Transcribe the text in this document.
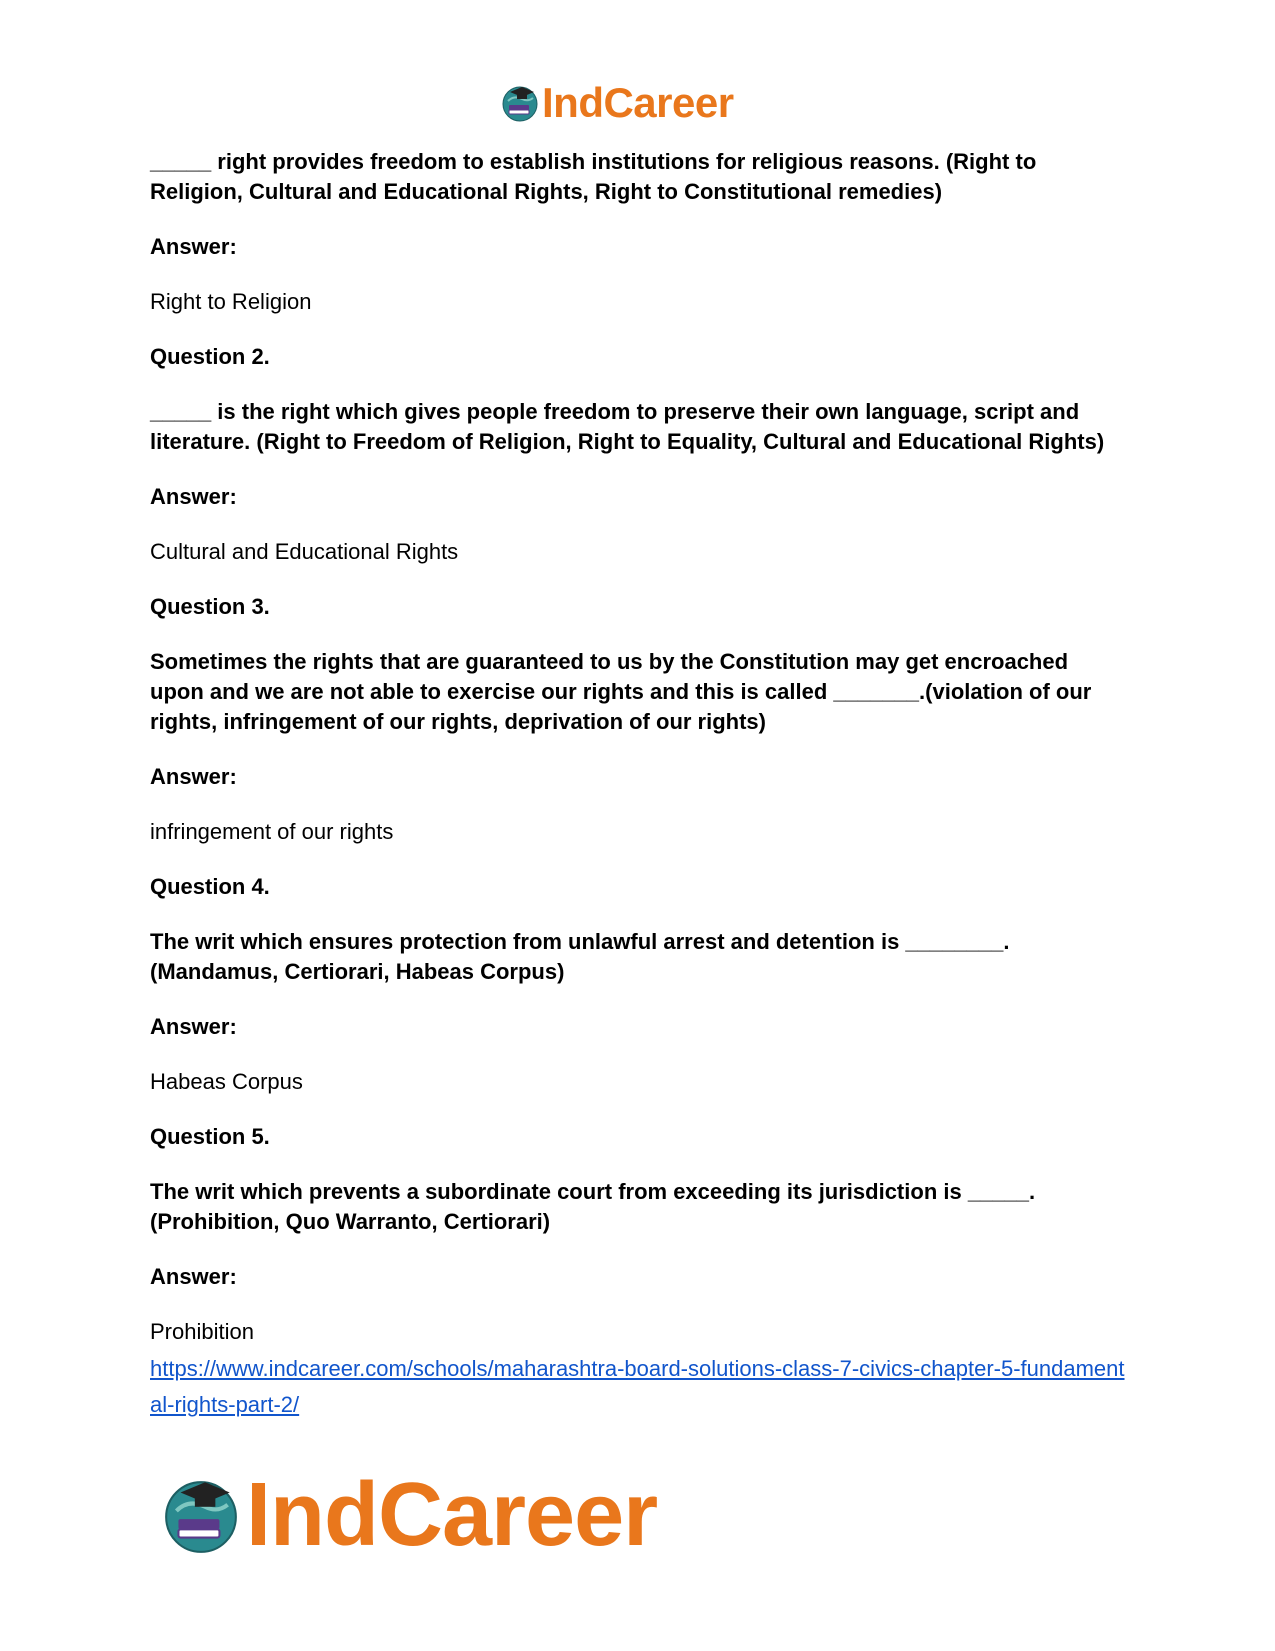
IndCareer

_____ right provides freedom to establish institutions for religious reasons. (Right to Religion, Cultural and Educational Rights, Right to Constitutional remedies)

Answer:

Right to Religion

Question 2.

_____ is the right which gives people freedom to preserve their own language, script and literature. (Right to Freedom of Religion, Right to Equality, Cultural and Educational Rights)

Answer:

Cultural and Educational Rights

Question 3.

Sometimes the rights that are guaranteed to us by the Constitution may get encroached upon and we are not able to exercise our rights and this is called _______.(violation of our rights, infringement of our rights, deprivation of our rights)

Answer:

infringement of our rights

Question 4.

The writ which ensures protection from unlawful arrest and detention is ________. (Mandamus, Certiorari, Habeas Corpus)

Answer:

Habeas Corpus

Question 5.

The writ which prevents a subordinate court from exceeding its jurisdiction is _____. (Prohibition, Quo Warranto, Certiorari)

Answer:

Prohibition

https://www.indcareer.com/schools/maharashtra-board-solutions-class-7-civics-chapter-5-fundamental-rights-part-2/
IndCareer
